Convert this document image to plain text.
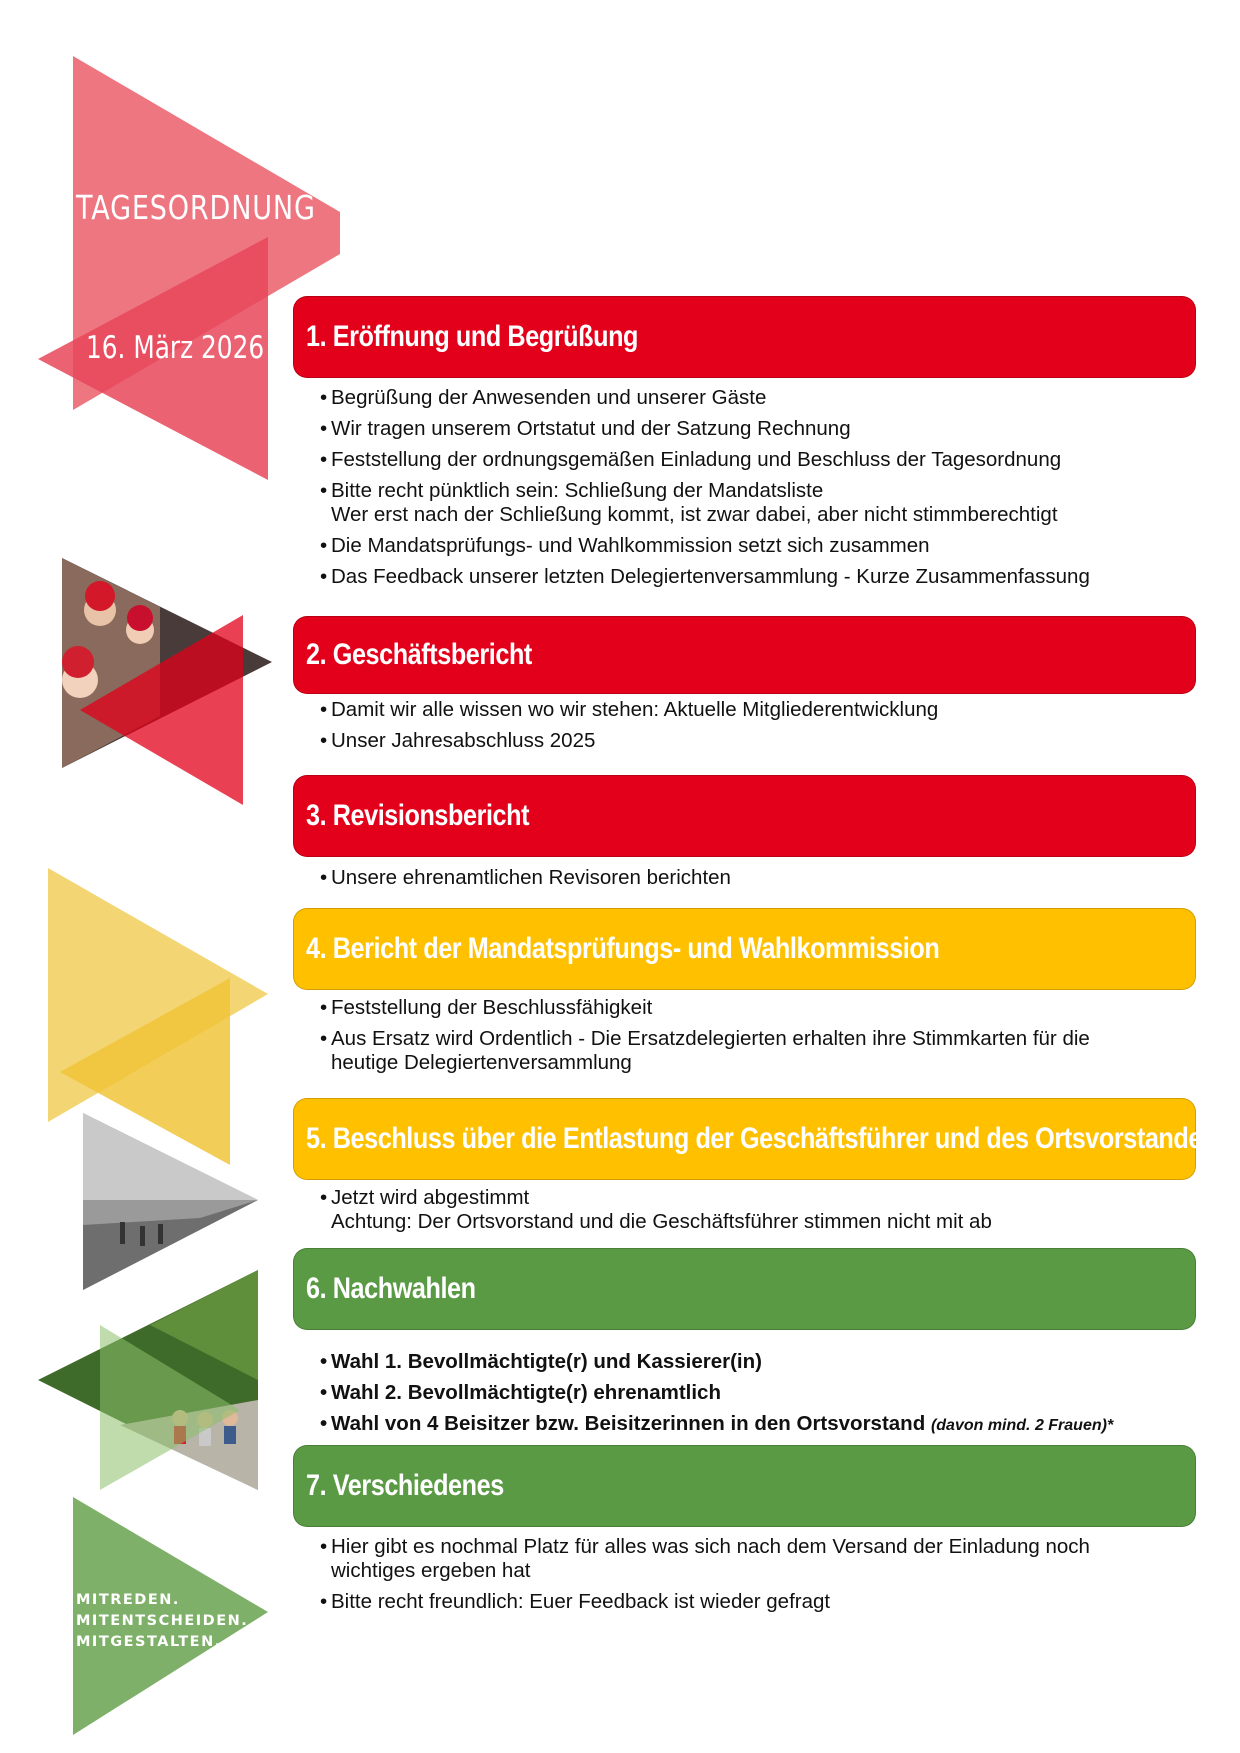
TAGESORDNUNG
16. März 2026
MITREDEN.
MITENTSCHEIDEN.
MITGESTALTEN.
1. Eröffnung und Begrüßung
• Begrüßung der Anwesenden und unserer Gäste
• Wir tragen unserem Ortstatut und der Satzung Rechnung
• Feststellung der ordnungsgemäßen Einladung und Beschluss der Tagesordnung
• Bitte recht pünktlich sein: Schließung der Mandatsliste
Wer erst nach der Schließung kommt, ist zwar dabei, aber nicht stimmberechtigt
• Die Mandatsprüfungs- und Wahlkommission setzt sich zusammen
• Das Feedback unserer letzten Delegiertenversammlung - Kurze Zusammenfassung
2. Geschäftsbericht
• Damit wir alle wissen wo wir stehen: Aktuelle Mitgliederentwicklung
• Unser Jahresabschluss 2025
3. Revisionsbericht
• Unsere ehrenamtlichen Revisoren berichten
4. Bericht der Mandatsprüfungs- und Wahlkommission
• Feststellung der Beschlussfähigkeit
• Aus Ersatz wird Ordentlich - Die Ersatzdelegierten erhalten ihre Stimmkarten für die
heutige Delegiertenversammlung
5. Beschluss über die Entlastung der Geschäftsführer und des Ortsvorstandes
• Jetzt wird abgestimmt
Achtung: Der Ortsvorstand und die Geschäftsführer stimmen nicht mit ab
6. Nachwahlen
• Wahl 1. Bevollmächtigte(r) und Kassierer(in)
• Wahl 2. Bevollmächtigte(r) ehrenamtlich
• Wahl von 4 Beisitzer bzw. Beisitzerinnen in den Ortsvorstand (davon mind. 2 Frauen)*
7. Verschiedenes
• Hier gibt es nochmal Platz für alles was sich nach dem Versand der Einladung noch
wichtiges ergeben hat
• Bitte recht freundlich: Euer Feedback ist wieder gefragt
